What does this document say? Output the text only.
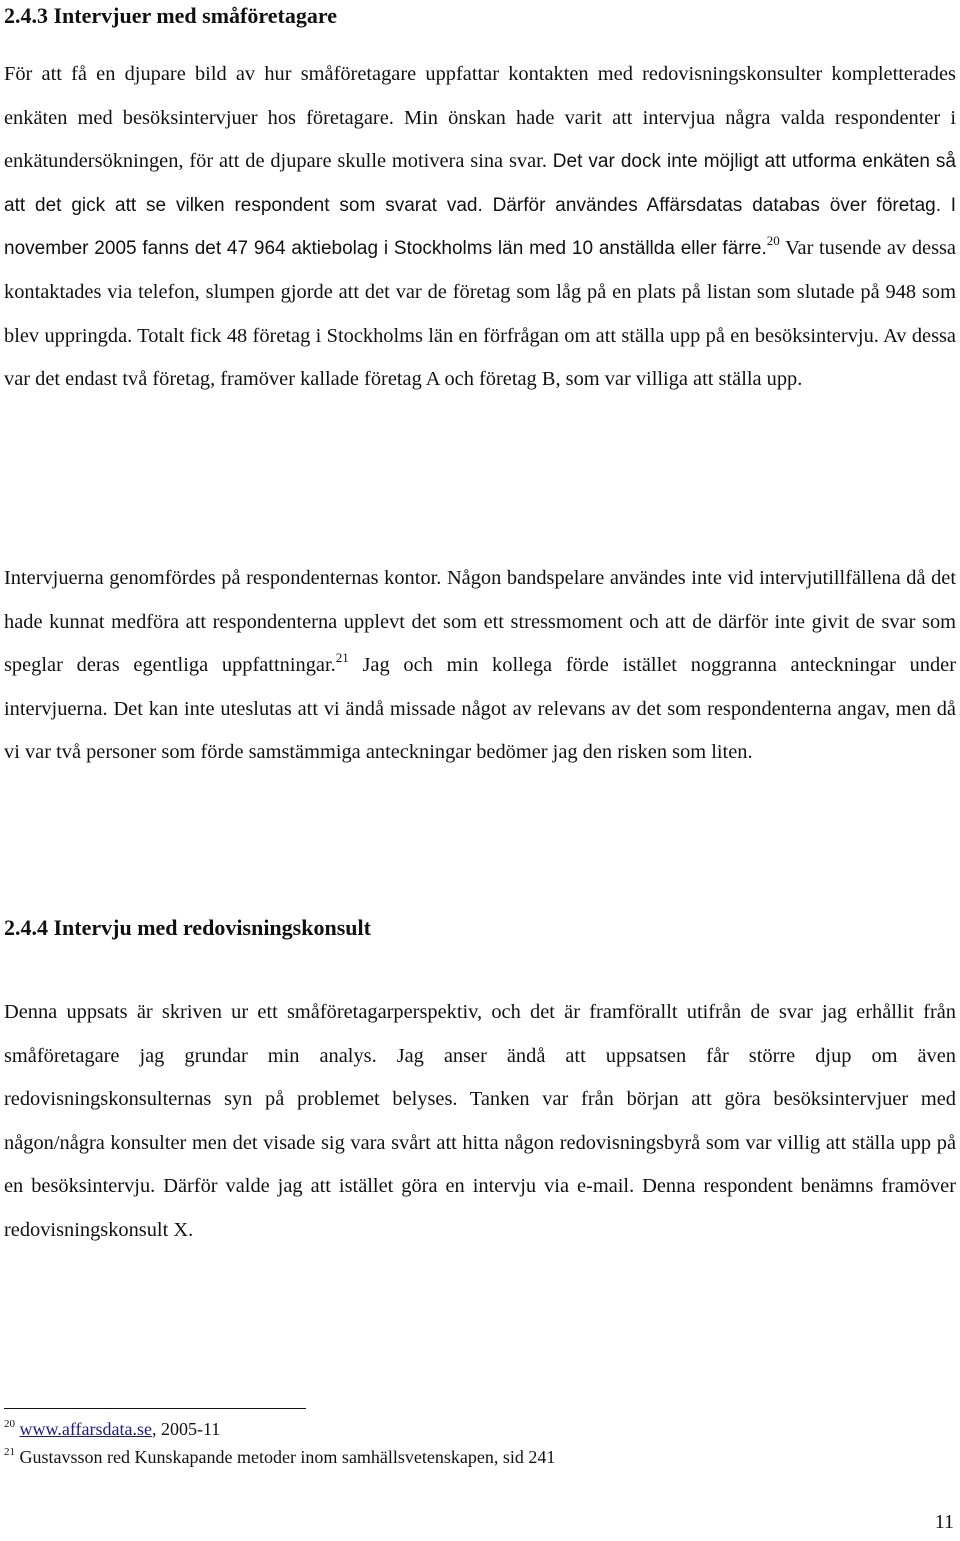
2.4.3 Intervjuer med småföretagare

För att få en djupare bild av hur småföretagare uppfattar kontakten med redovisningskonsulter kompletterades enkäten med besöksintervjuer hos företagare. Min önskan hade varit att intervjua några valda respondenter i enkätundersökningen, för att de djupare skulle motivera sina svar. Det var dock inte möjligt att utforma enkäten så att det gick att se vilken respondent som svarat vad. Därför användes Affärsdatas databas över företag. I november 2005 fanns det 47 964 aktiebolag i Stockholms län med 10 anställda eller färre.$^{20}$ Var tusende av dessa kontaktades via telefon, slumpen gjorde att det var de företag som låg på en plats på listan som slutade på 948 som blev uppringda. Totalt fick 48 företag i Stockholms län en förfrågan om att ställa upp på en besöksintervju. Av dessa var det endast två företag, framöver kallade företag A och företag B, som var villiga att ställa upp.

Intervjuerna genomfördes på respondenternas kontor. Någon bandspelare användes inte vid intervjutillfällena då det hade kunnat medföra att respondenterna upplevt det som ett stressmoment och att de därför inte givit de svar som speglar deras egentliga uppfattningar.$^{21}$ Jag och min kollega förde istället noggranna anteckningar under intervjuerna. Det kan inte uteslutas att vi ändå missade något av relevans av det som respondenterna angav, men då vi var två personer som förde samstämmiga anteckningar bedömer jag den risken som liten.

2.4.4 Intervju med redovisningskonsult

Denna uppsats är skriven ur ett småföretagarperspektiv, och det är framförallt utifrån de svar jag erhållit från småföretagare jag grundar min analys. Jag anser ändå att uppsatsen får större djup om även redovisningskonsulternas syn på problemet belyses. Tanken var från början att göra besöksintervjuer med någon/några konsulter men det visade sig vara svårt att hitta någon redovisningsbyrå som var villig att ställa upp på en besöksintervju. Därför valde jag att istället göra en intervju via e-mail. Denna respondent benämns framöver redovisningskonsult X.

$^{20}$ www.affarsdata.se, 2005-11

$^{21}$ Gustavsson red Kunskapande metoder inom samhällsvetenskapen, sid 241

11
